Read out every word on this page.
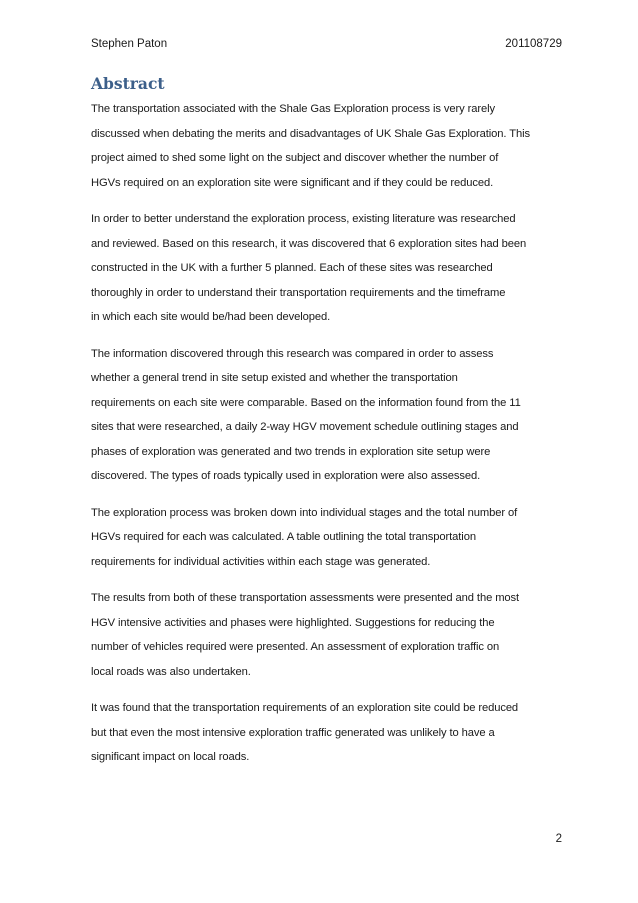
Stephen Paton	201108729
Abstract

The transportation associated with the Shale Gas Exploration process is very rarely
discussed when debating the merits and disadvantages of UK Shale Gas Exploration. This
project aimed to shed some light on the subject and discover whether the number of
HGVs required on an exploration site were significant and if they could be reduced.

In order to better understand the exploration process, existing literature was researched
and reviewed. Based on this research, it was discovered that 6 exploration sites had been
constructed in the UK with a further 5 planned. Each of these sites was researched
thoroughly in order to understand their transportation requirements and the timeframe
in which each site would be/had been developed.

The information discovered through this research was compared in order to assess
whether a general trend in site setup existed and whether the transportation
requirements on each site were comparable. Based on the information found from the 11
sites that were researched, a daily 2-way HGV movement schedule outlining stages and
phases of exploration was generated and two trends in exploration site setup were
discovered. The types of roads typically used in exploration were also assessed.

The exploration process was broken down into individual stages and the total number of
HGVs required for each was calculated. A table outlining the total transportation
requirements for individual activities within each stage was generated.

The results from both of these transportation assessments were presented and the most
HGV intensive activities and phases were highlighted. Suggestions for reducing the
number of vehicles required were presented. An assessment of exploration traffic on
local roads was also undertaken.

It was found that the transportation requirements of an exploration site could be reduced
but that even the most intensive exploration traffic generated was unlikely to have a
significant impact on local roads.

2
